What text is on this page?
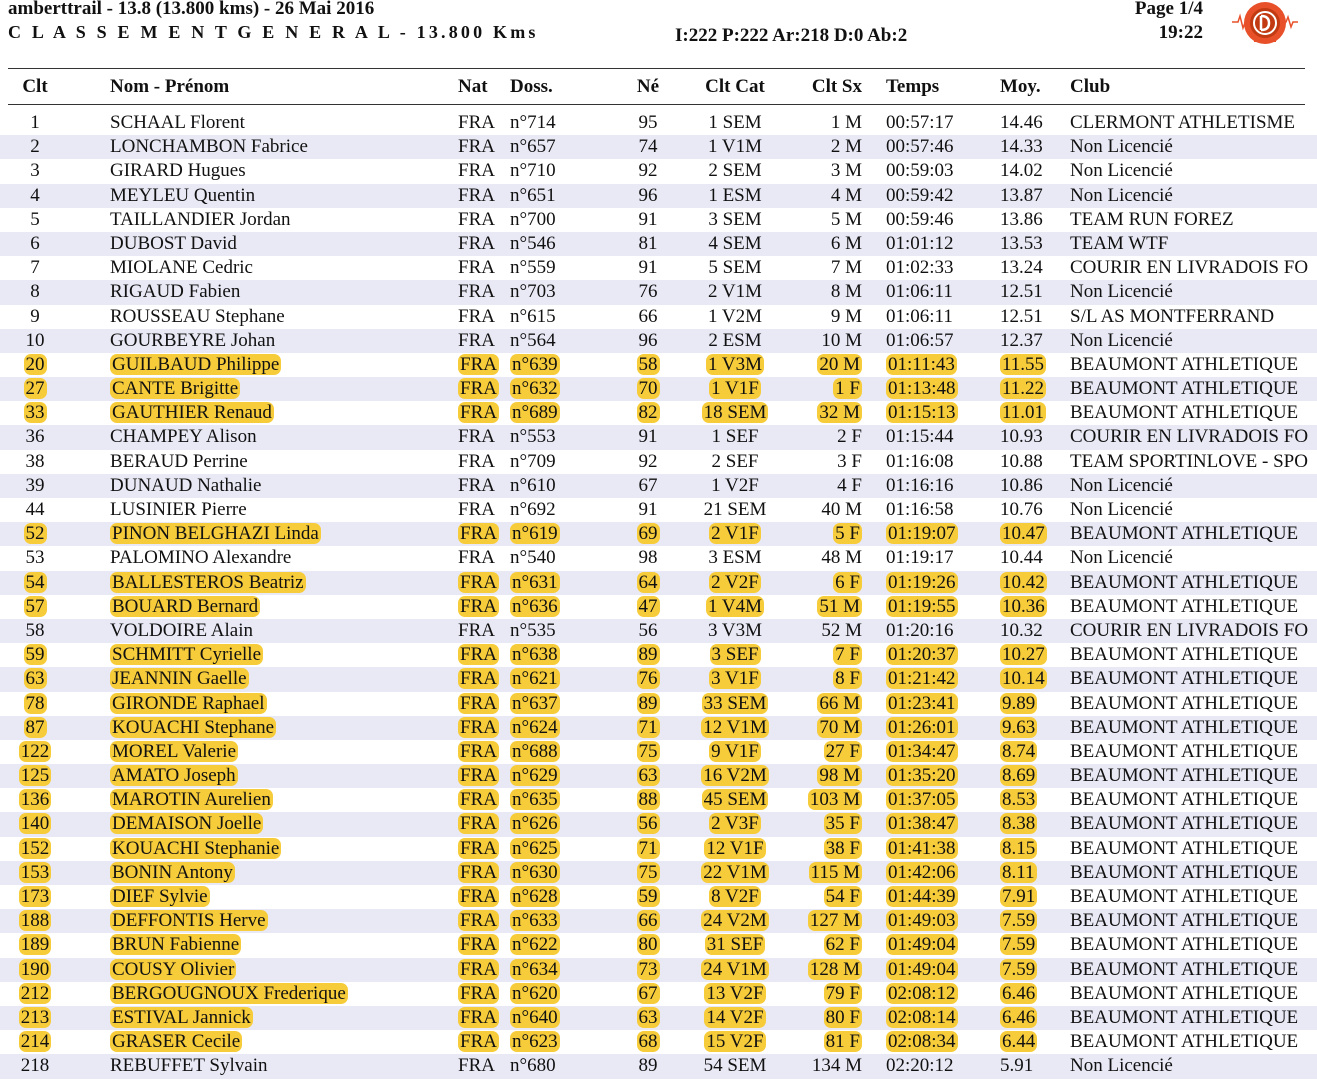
amberttrail - 13.8 (13.800 kms) - 26 Mai 2016
C L A S S E M E N T G E N E R A L - 13.800 Kms	I:222 P:222 Ar:218 D:0 Ab:2
Page 1/4
19:22
Clt	Nom - Prénom	Nat Doss.	Né	Clt Cat	Clt Sx Temps	Moy. Club
1	SCHAAL Florent	FRA n°714	95	1 SEM	1 M 00:57:17 14.46 CLERMONT ATHLETISME
2	LONCHAMBON Fabrice	FRA n°657	74	1 V1M	2 M 00:57:46 14.33 Non Licencié
3	GIRARD Hugues	FRA n°710	92	2 SEM	3 M 00:59:03 14.02 Non Licencié
4	MEYLEU Quentin	FRA n°651	96	1 ESM	4 M 00:59:42 13.87 Non Licencié
5	TAILLANDIER Jordan	FRA n°700	91	3 SEM	5 M 00:59:46 13.86 TEAM RUN FOREZ
6	DUBOST David	FRA n°546	81	4 SEM	6 M 01:01:12 13.53 TEAM WTF
7	MIOLANE Cedric	FRA n°559	91	5 SEM	7 M 01:02:33 13.24 COURIR EN LIVRADOIS FO
8	RIGAUD Fabien	FRA n°703	76	2 V1M	8 M 01:06:11 12.51 Non Licencié
9	ROUSSEAU Stephane	FRA n°615	66	1 V2M	9 M 01:06:11 12.51 S/L AS MONTFERRAND
10	GOURBEYRE Johan	FRA n°564	96	2 ESM	10 M 01:06:57 12.37 Non Licencié
20	GUILBAUD Philippe	FRA n°639	58	1 V3M	20 M 01:11:43 11.55 BEAUMONT ATHLETIQUE
27	CANTE Brigitte	FRA n°632	70	1 V1F	1 F 01:13:48 11.22 BEAUMONT ATHLETIQUE
33	GAUTHIER Renaud	FRA n°689	82	18 SEM	32 M 01:15:13 11.01 BEAUMONT ATHLETIQUE
36	CHAMPEY Alison	FRA n°553	91	1 SEF	2 F 01:15:44 10.93 COURIR EN LIVRADOIS FO
38	BERAUD Perrine	FRA n°709	92	2 SEF	3 F 01:16:08 10.88 TEAM SPORTINLOVE - SPO
39	DUNAUD Nathalie	FRA n°610	67	1 V2F	4 F 01:16:16 10.86 Non Licencié
44	LUSINIER Pierre	FRA n°692	91	21 SEM	40 M 01:16:58 10.76 Non Licencié
52	PINON BELGHAZI Linda	FRA n°619	69	2 V1F	5 F 01:19:07 10.47 BEAUMONT ATHLETIQUE
53	PALOMINO Alexandre	FRA n°540	98	3 ESM	48 M 01:19:17 10.44 Non Licencié
54	BALLESTEROS Beatriz	FRA n°631	64	2 V2F	6 F 01:19:26 10.42 BEAUMONT ATHLETIQUE
57	BOUARD Bernard	FRA n°636	47	1 V4M	51 M 01:19:55 10.36 BEAUMONT ATHLETIQUE
58	VOLDOIRE Alain	FRA n°535	56	3 V3M	52 M 01:20:16 10.32 COURIR EN LIVRADOIS FO
59	SCHMITT Cyrielle	FRA n°638	89	3 SEF	7 F 01:20:37 10.27 BEAUMONT ATHLETIQUE
63	JEANNIN Gaelle	FRA n°621	76	3 V1F	8 F 01:21:42 10.14 BEAUMONT ATHLETIQUE
78	GIRONDE Raphael	FRA n°637	89	33 SEM	66 M 01:23:41 9.89 BEAUMONT ATHLETIQUE
87	KOUACHI Stephane	FRA n°624	71	12 V1M	70 M 01:26:01 9.63 BEAUMONT ATHLETIQUE
122	MOREL Valerie	FRA n°688	75	9 V1F	27 F 01:34:47 8.74 BEAUMONT ATHLETIQUE
125	AMATO Joseph	FRA n°629	63	16 V2M	98 M 01:35:20 8.69 BEAUMONT ATHLETIQUE
136	MAROTIN Aurelien	FRA n°635	88	45 SEM	103 M 01:37:05 8.53 BEAUMONT ATHLETIQUE
140	DEMAISON Joelle	FRA n°626	56	2 V3F	35 F 01:38:47 8.38 BEAUMONT ATHLETIQUE
152	KOUACHI Stephanie	FRA n°625	71	12 V1F	38 F 01:41:38 8.15 BEAUMONT ATHLETIQUE
153	BONIN Antony	FRA n°630	75	22 V1M	115 M 01:42:06 8.11 BEAUMONT ATHLETIQUE
173	DIEF Sylvie	FRA n°628	59	8 V2F	54 F 01:44:39 7.91 BEAUMONT ATHLETIQUE
188	DEFFONTIS Herve	FRA n°633	66	24 V2M	127 M 01:49:03 7.59 BEAUMONT ATHLETIQUE
189	BRUN Fabienne	FRA n°622	80	31 SEF	62 F 01:49:04 7.59 BEAUMONT ATHLETIQUE
190	COUSY Olivier	FRA n°634	73	24 V1M	128 M 01:49:04 7.59 BEAUMONT ATHLETIQUE
212	BERGOUGNOUX Frederique	FRA n°620	67	13 V2F	79 F 02:08:12 6.46 BEAUMONT ATHLETIQUE
213	ESTIVAL Jannick	FRA n°640	63	14 V2F	80 F 02:08:14 6.46 BEAUMONT ATHLETIQUE
214	GRASER Cecile	FRA n°623	68	15 V2F	81 F 02:08:34 6.44 BEAUMONT ATHLETIQUE
218	REBUFFET Sylvain	FRA n°680	89	54 SEM	134 M 02:20:12 5.91 Non Licencié
